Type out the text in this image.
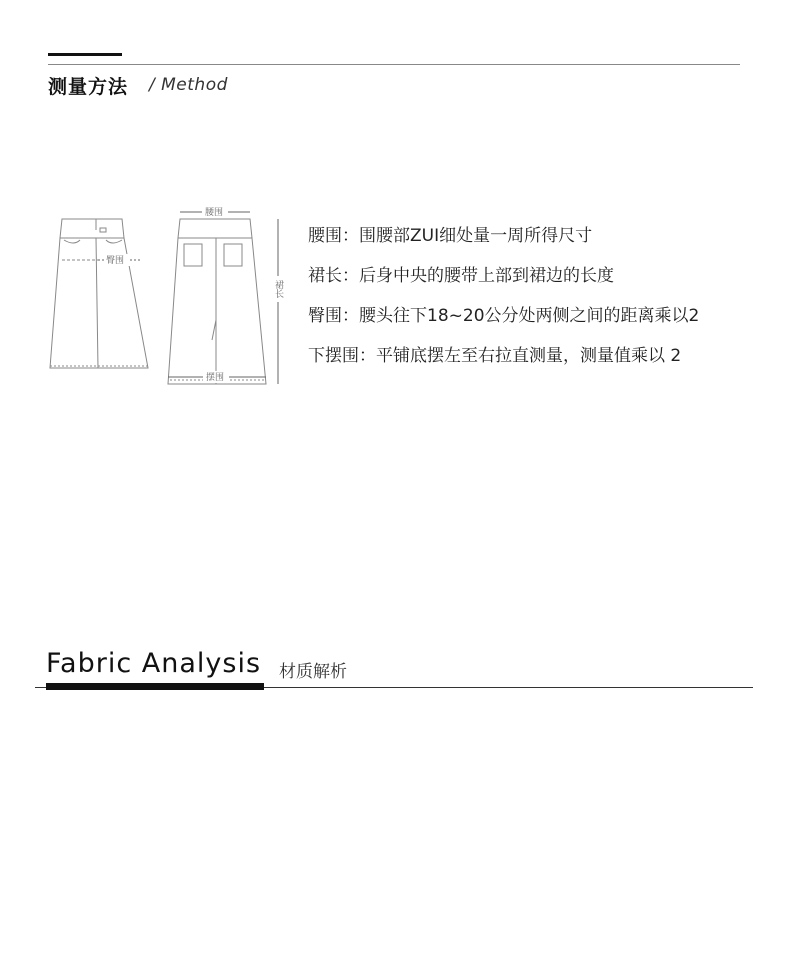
测量方法 / Method
腰围
臀围
摆围
裙长
腰围：围腰部ZUI细处量一周所得尺寸
裙长：后身中央的腰带上部到裙边的长度
臀围：腰头往下18~20公分处两侧之间的距离乘以2
下摆围：平铺底摆左至右拉直测量，测量值乘以 2
Fabric Analysis 材质解析
